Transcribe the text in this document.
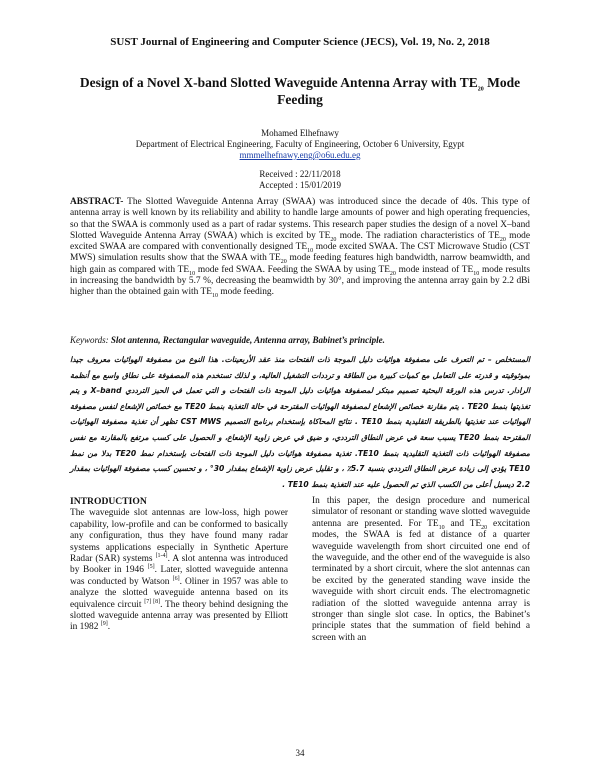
SUST Journal of Engineering and Computer Science (JECS), Vol. 19, No. 2, 2018
Design of a Novel X-band Slotted Waveguide Antenna Array with $TE_{20}$ Mode Feeding
Mohamed Elhefnawy
Department of Electrical Engineering, Faculty of Engineering, October 6 University, Egypt
mmmelhefnawy.eng@o6u.edu.eg
Received : 22/11/2018
Accepted : 15/01/2019
ABSTRACT- The Slotted Waveguide Antenna Array (SWAA) was introduced since the decade of 40s. This type of antenna array is well known by its reliability and ability to handle large amounts of power and high operating frequencies, so that the SWAA is commonly used as a part of radar systems. This research paper studies the design of a novel X–band Slotted Waveguide Antenna Array (SWAA) which is excited by $TE_{20}$ mode. The radiation characteristics of $TE_{20}$ mode excited SWAA are compared with conventionally designed $TE_{10}$ mode excited SWAA. The CST Microwave Studio (CST MWS) simulation results show that the SWAA with $TE_{20}$ mode feeding features high bandwidth, narrow beamwidth, and high gain as compared with $TE_{10}$ mode fed SWAA. Feeding the SWAA by using $TE_{20}$ mode instead of $TE_{10}$ mode results in increasing the bandwidth by 5.7 %, decreasing the beamwidth by 30°, and improving the antenna array gain by 2.2 dBi higher than the obtained gain with $TE_{10}$ mode feeding.
Keywords: Slot antenna, Rectangular waveguide, Antenna array, Babinet’s principle.
المستخلص – تم التعرف على مصفوفة هوائيات دليل الموجة ذات الفتحات منذ عقد الأربعينات. هذا النوع من مصفوفة الهوائيات معروف جيدا بموثوقيته و قدرته على التعامل مع كميات كبيرة من الطاقة و ترددات التشغيل العالية، و لذلك تستخدم هذه المصفوفة على نطاق واسع مع أنظمة الرادار. تدرس هذه الورقة البحثية تصميم مبتكر لمصفوفة هوائيات دليل الموجة ذات الفتحات و التي تعمل في الحيز الترددي X–band و يتم تغذيتها بنمط TE20 . يتم مقارنة خصائص الإشعاع لمصفوفة الهوائيات المقترحة في حالة التغذية بنمط TE20 مع خصائص الإشعاع لنفس مصفوفة الهوائيات عند تغذيتها بالطريقة التقليدية بنمط TE10 . نتائج المحاكاة بإستخدام برنامج التصميم CST MWS تظهر أن تغذية مصفوفة الهوائيات المقترحة بنمط TE20 يسبب سعة في عرض النطاق الترددي، و ضيق في عرض زاوية الإشعاع، و الحصول على كسب مرتفع بالمقارنة مع نفس مصفوفة الهوائيات ذات التغذية التقليدية بنمط TE10. تغذية مصفوفة هوائيات دليل الموجة ذات الفتحات بإستخدام نمط TE20 بدلا من نمط TE10 يؤدي إلى زيادة عرض النطاق الترددي بنسبة 5.7٪ ، و تقليل عرض زاوية الإشعاع بمقدار 30° ، و تحسين كسب مصفوفة الهوائيات بمقدار 2.2 ديسبل أعلى من الكسب الذي تم الحصول عليه عند التغذية بنمط TE10 .
INTRODUCTION

The waveguide slot antennas are low-loss, high power capability, low-profile and can be conformed to basically any configuration, thus they have found many radar systems applications especially in Synthetic Aperture Radar (SAR) systems [1-4]. A slot antenna was introduced by Booker in 1946 [5]. Later, slotted waveguide antenna was conducted by Watson [6]. Oliner in 1957 was able to analyze the slotted waveguide antenna based on its equivalence circuit [7] [8]. The theory behind designing the slotted waveguide antenna array was presented by Elliott in 1982 [9].

In this paper, the design procedure and numerical simulator of resonant or standing wave slotted waveguide antenna are presented. For $TE_{10}$ and $TE_{20}$ excitation modes, the SWAA is fed at distance of a quarter waveguide wavelength from short circuited one end of the waveguide, and the other end of the waveguide is also terminated by a short circuit, where the slot antennas can be excited by the generated standing wave inside the waveguide with short circuit ends. The electromagnetic radiation of the slotted waveguide antenna array is stronger than single slot case. In optics, the Babinet’s principle states that the summation of field behind a screen with an

34
